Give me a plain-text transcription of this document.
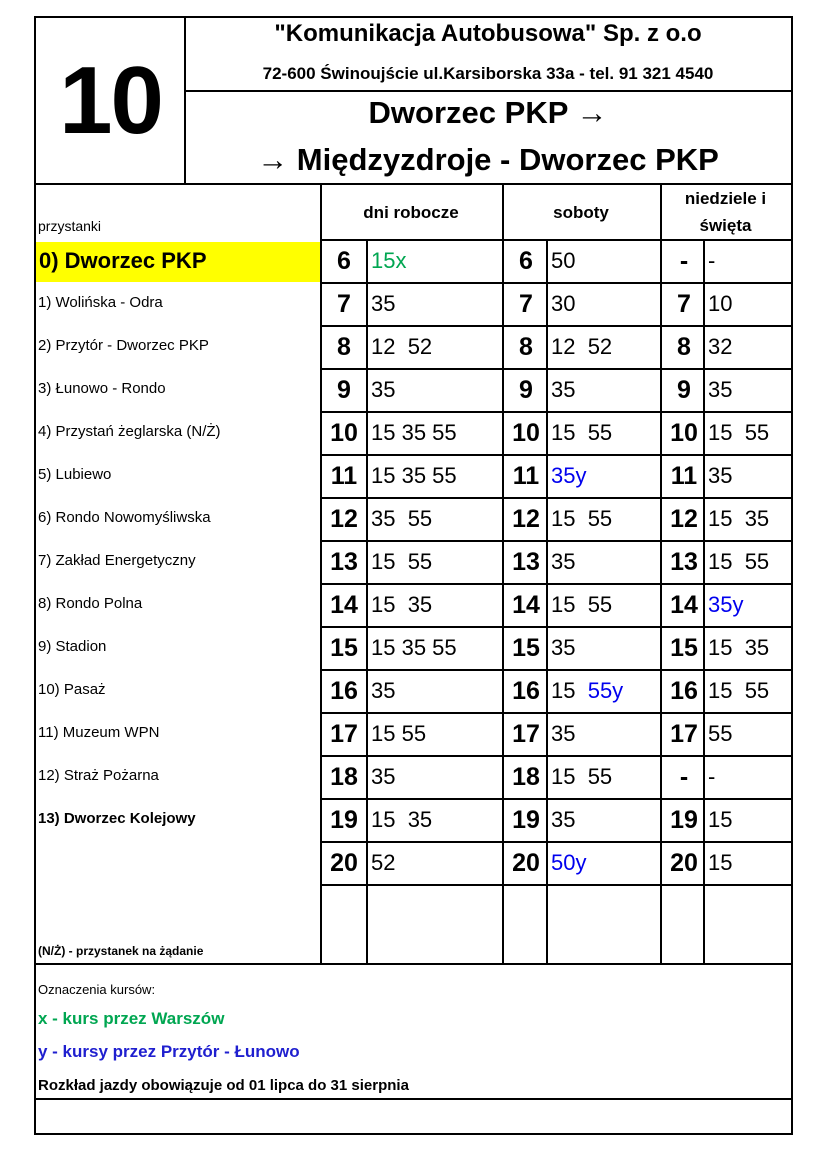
10
"Komunikacja Autobusowa" Sp. z o.o
72-600 Świnoujście ul.Karsiborska 33a - tel. 91 321 4540
Dworzec PKP →
→ Międzyzdroje - Dworzec PKP
przystanki
dni robocze	soboty
niedziele i
święta
0) Dworzec PKP
1) Wolińska - Odra
2) Przytór - Dworzec PKP
3) Łunowo - Rondo
4) Przystań żeglarska (N/Ż)
5) Lubiewo
6) Rondo Nowomyśliwska
7) Zakład Energetyczny
8) Rondo Polna
9) Stadion
10) Pasaż
11) Muzeum WPN
12) Straż Pożarna
13) Dworzec Kolejowy
6 15x
7 35
8 12  52
9 35
10 15 35 55
11 15 35 55
12 35  55
13 15  55
14 15  35
15 15 35 55
16 35
17 15 55
18 35
19 15  35
20 52
6 50
7 30
8 12  52
9 35
10 15  55
11 35y
12 15  55
13 35
14 15  55
15 35
16 15  55y
17 35
18 15  55
19 35
20 50y
- -
7 10
8 32
9 35
10 15  55
11 35
12 15  35
13 15  55
14 35y
15 15  35
16 15  55
17 55
- -
19 15
20 15
(N/Ż) - przystanek na żądanie
Oznaczenia kursów:
x - kurs przez Warszów
y - kursy przez Przytór - Łunowo
Rozkład jazdy obowiązuje od 01 lipca do 31 sierpnia
